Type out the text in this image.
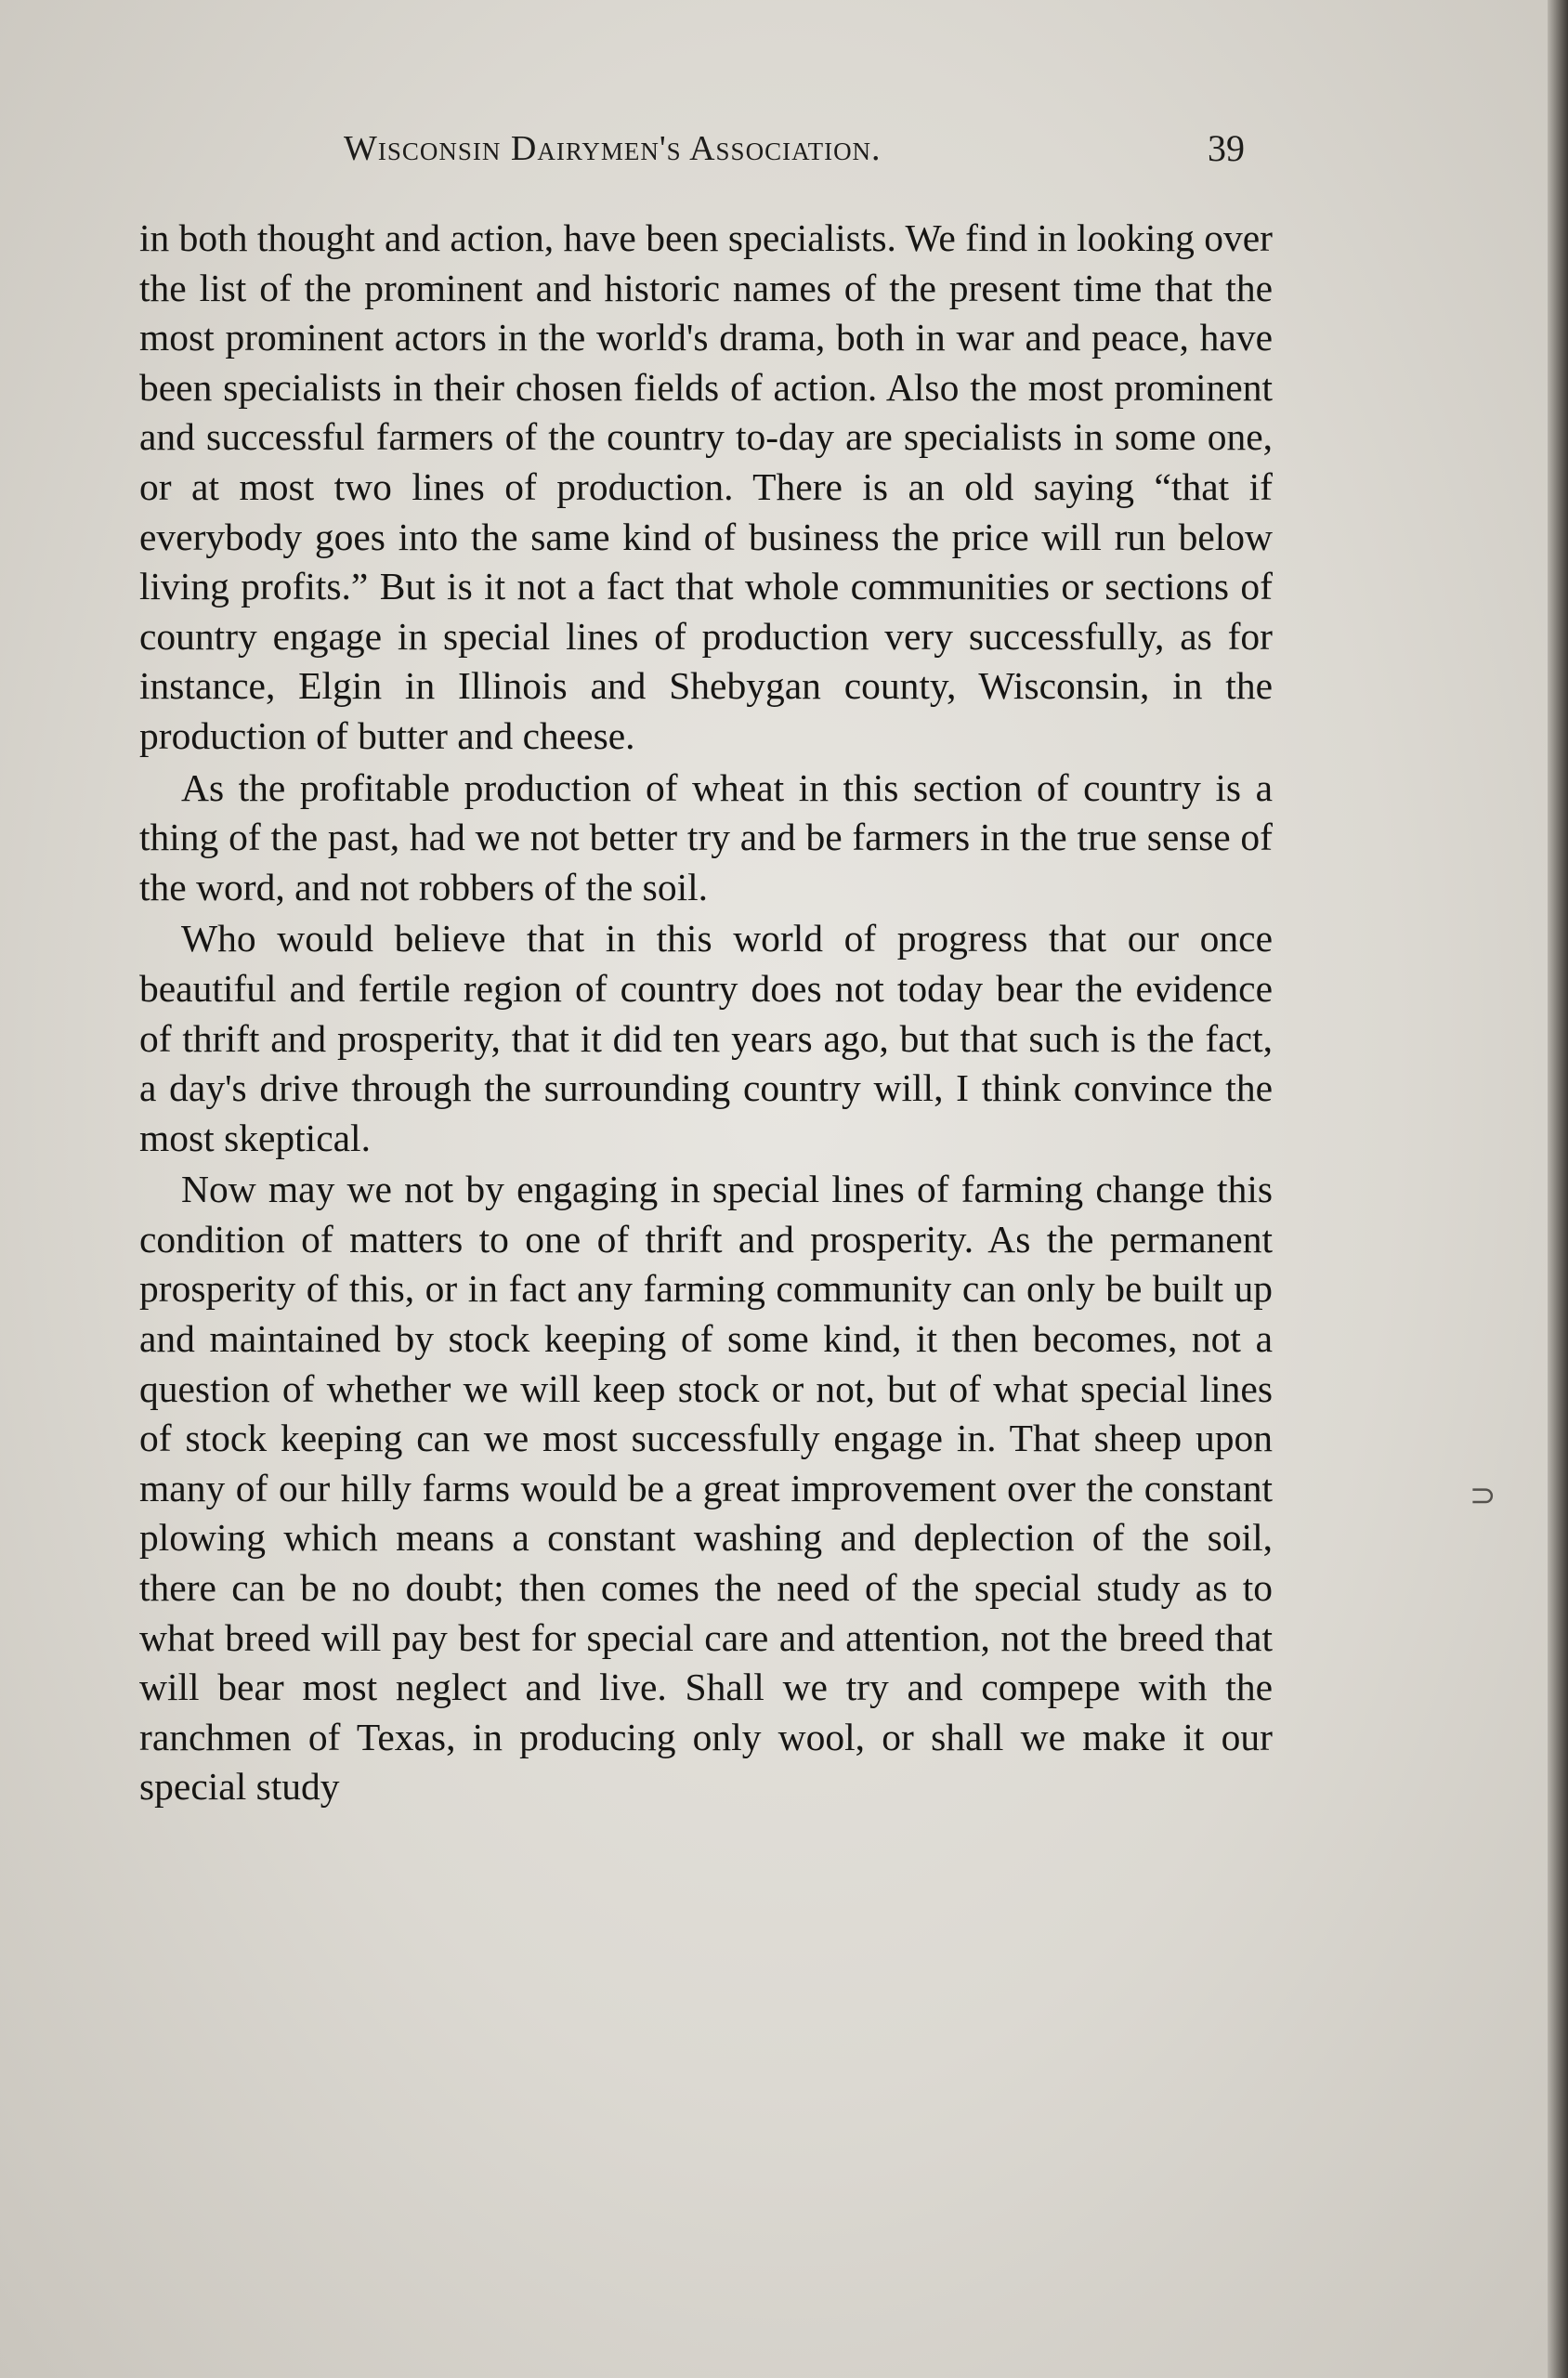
Wisconsin Dairymen's Association.	39

in both thought and action, have been specialists. We find in looking over the list of the prominent and historic names of the present time that the most prominent actors in the world's drama, both in war and peace, have been specialists in their chosen fields of action. Also the most prominent and successful farmers of the country to-day are specialists in some one, or at most two lines of production. There is an old saying “that if everybody goes into the same kind of business the price will run below living profits.” But is it not a fact that whole communities or sections of country engage in special lines of production very successfully, as for instance, Elgin in Illinois and Shebygan county, Wisconsin, in the production of butter and cheese.

As the profitable production of wheat in this section of country is a thing of the past, had we not better try and be farmers in the true sense of the word, and not robbers of the soil.

Who would believe that in this world of progress that our once beautiful and fertile region of country does not today bear the evidence of thrift and prosperity, that it did ten years ago, but that such is the fact, a day's drive through the surrounding country will, I think convince the most skeptical.

Now may we not by engaging in special lines of farming change this condition of matters to one of thrift and prosperity. As the permanent prosperity of this, or in fact any farming community can only be built up and maintained by stock keeping of some kind, it then becomes, not a question of whether we will keep stock or not, but of what special lines of stock keeping can we most successfully engage in. That sheep upon many of our hilly farms would be a great improvement over the constant plowing which means a constant washing and deplection of the soil, there can be no doubt; then comes the need of the special study as to what breed will pay best for special care and attention, not the breed that will bear most neglect and live. Shall we try and compepe with the ranchmen of Texas, in producing only wool, or shall we make it our special study

⊃
